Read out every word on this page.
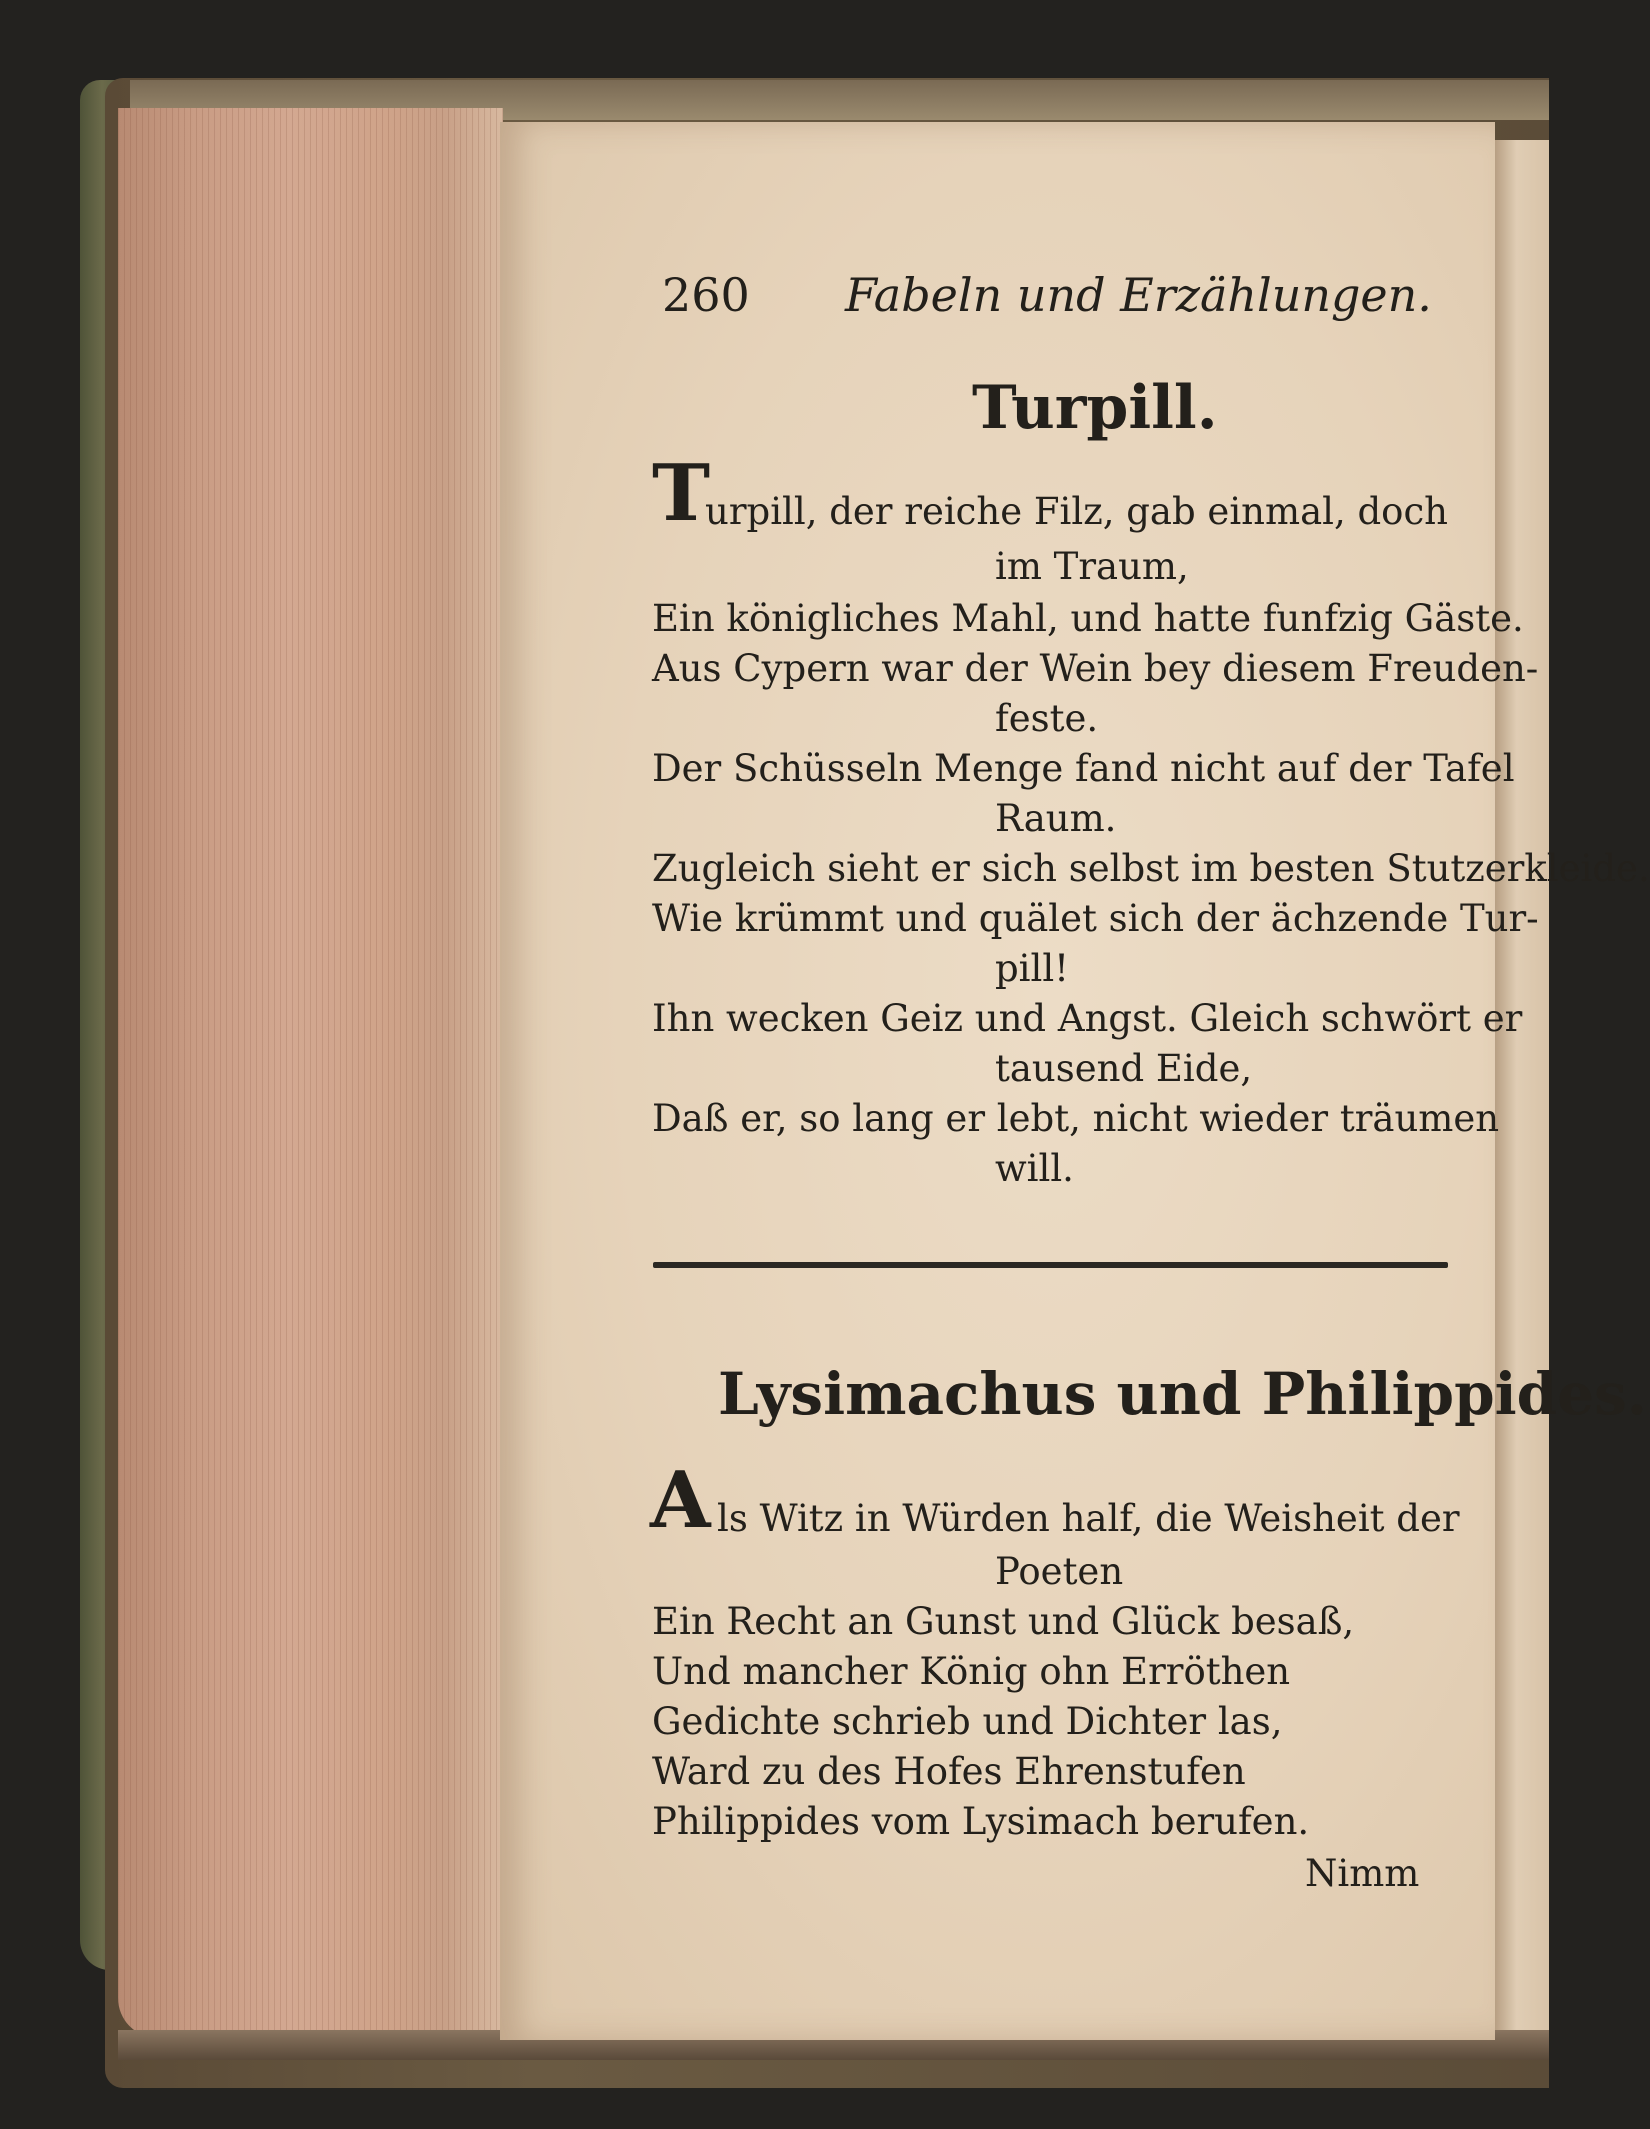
260 Fabeln und Erzählungen.
Turpill.
T
urpill, der reiche Filz, gab einmal, doch
im Traum,
Ein königliches Mahl, und hatte funfzig Gäste.
Aus Cypern war der Wein bey diesem Freuden-
feste.
Der Schüsseln Menge fand nicht auf der Tafel
Raum.
Zugleich sieht er sich selbst im besten Stutzerkleide.
Wie krümmt und quälet sich der ächzende Tur-
pill!
Ihn wecken Geiz und Angst. Gleich schwört er
tausend Eide,
Daß er, so lang er lebt, nicht wieder träumen
will.
Lysimachus und Philippides.
A ls Witz in Würden half, die Weisheit der
Poeten
Ein Recht an Gunst und Glück besaß,
Und mancher König ohn Erröthen
Gedichte schrieb und Dichter las,
Ward zu des Hofes Ehrenstufen
Philippides vom Lysimach berufen.
Nimm
